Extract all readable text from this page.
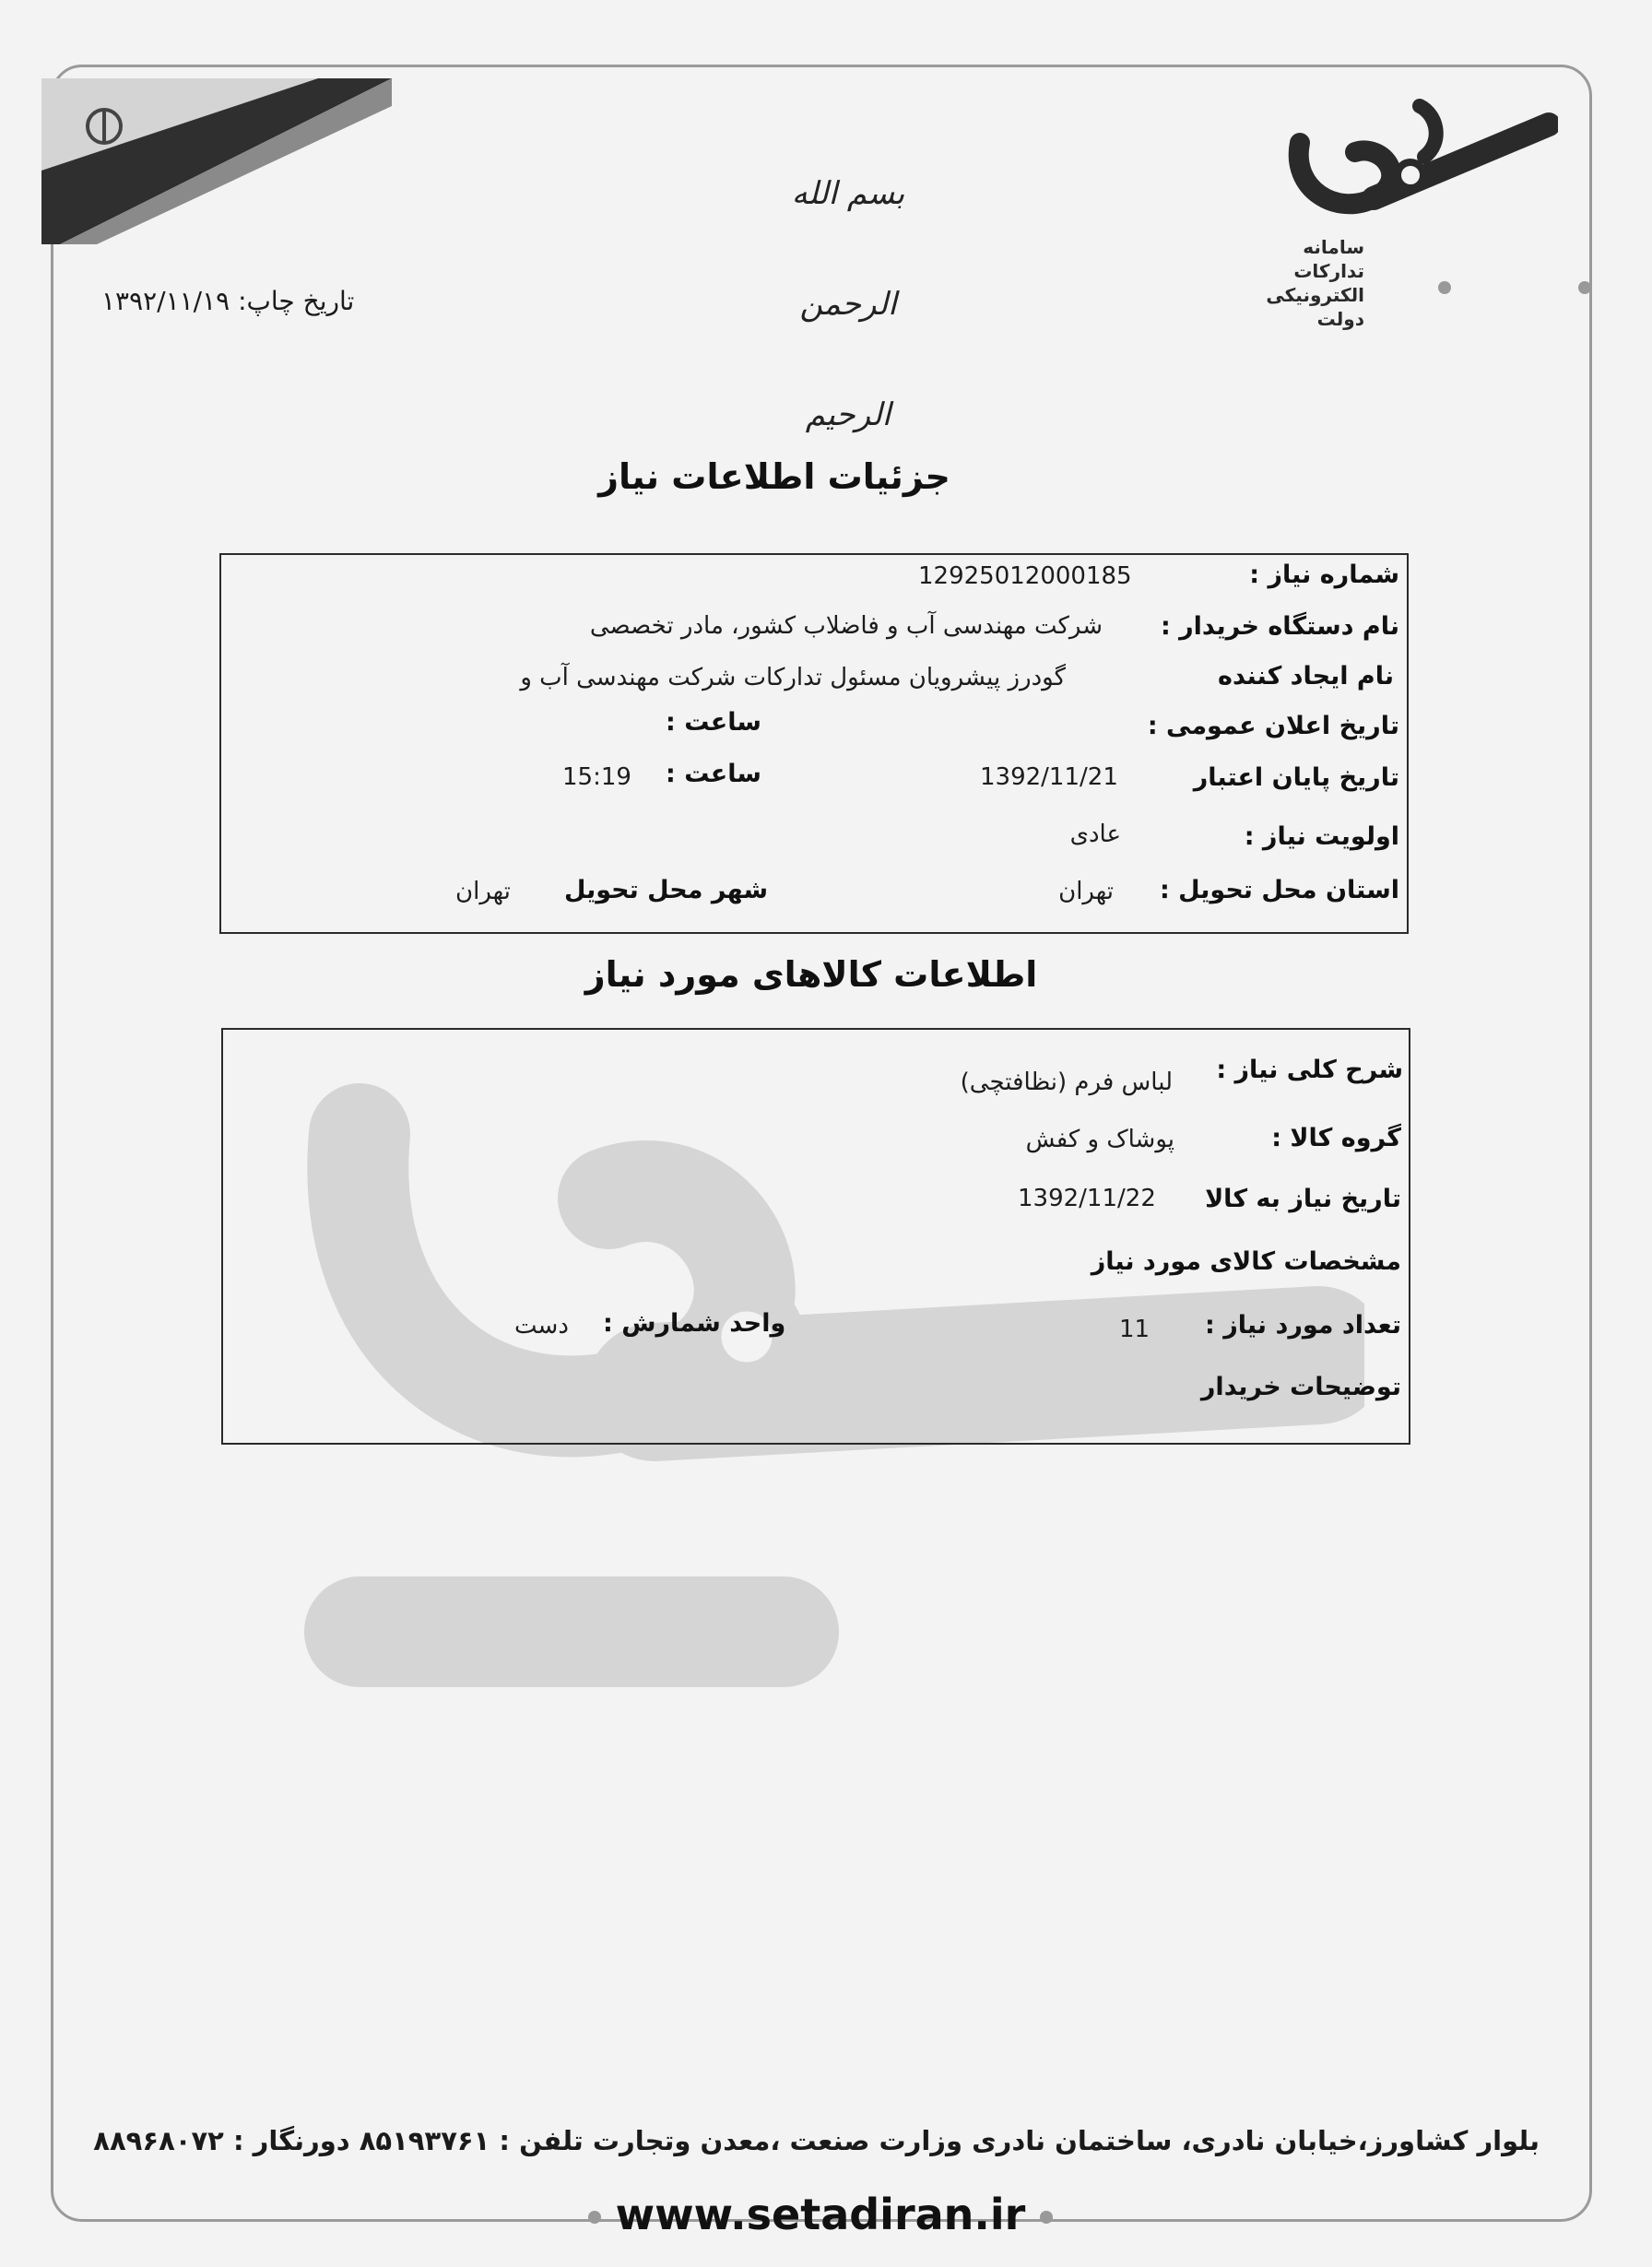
بسم الله الرحمن الرحیم
سامانه تدارکات الکترونیکی دولت
تاریخ چاپ: ۱۳۹۲/۱۱/۱۹
جزئیات اطلاعات نیاز
شماره نیاز :
12925012000185
نام دستگاه خریدار :
شرکت مهندسی آب و فاضلاب کشور، مادر تخصصی
نام ایجاد کننده
گودرز پیشرویان مسئول تدارکات شرکت مهندسی آب و
تاریخ اعلان عمومی :
ساعت :
تاریخ پایان اعتبار
1392/11/21
ساعت :
15:19
اولویت نیاز :
عادی
استان محل تحویل :
تهران
شهر محل تحویل
تهران
اطلاعات کالاهای مورد نیاز
شرح کلی نیاز :
لباس فرم (نظافتچی)
گروه کالا :
پوشاک و کفش
تاریخ نیاز به کالا
1392/11/22
مشخصات کالای مورد نیاز
تعداد مورد نیاز :
11
واحد شمارش :
دست
توضیحات خریدار
بلوار کشاورز،خیابان نادری، ساختمان نادری وزارت صنعت ،معدن وتجارت تلفن : ۸۵۱۹۳۷۶۱ دورنگار : ۸۸۹۶۸۰۷۲
www.setadiran.ir
